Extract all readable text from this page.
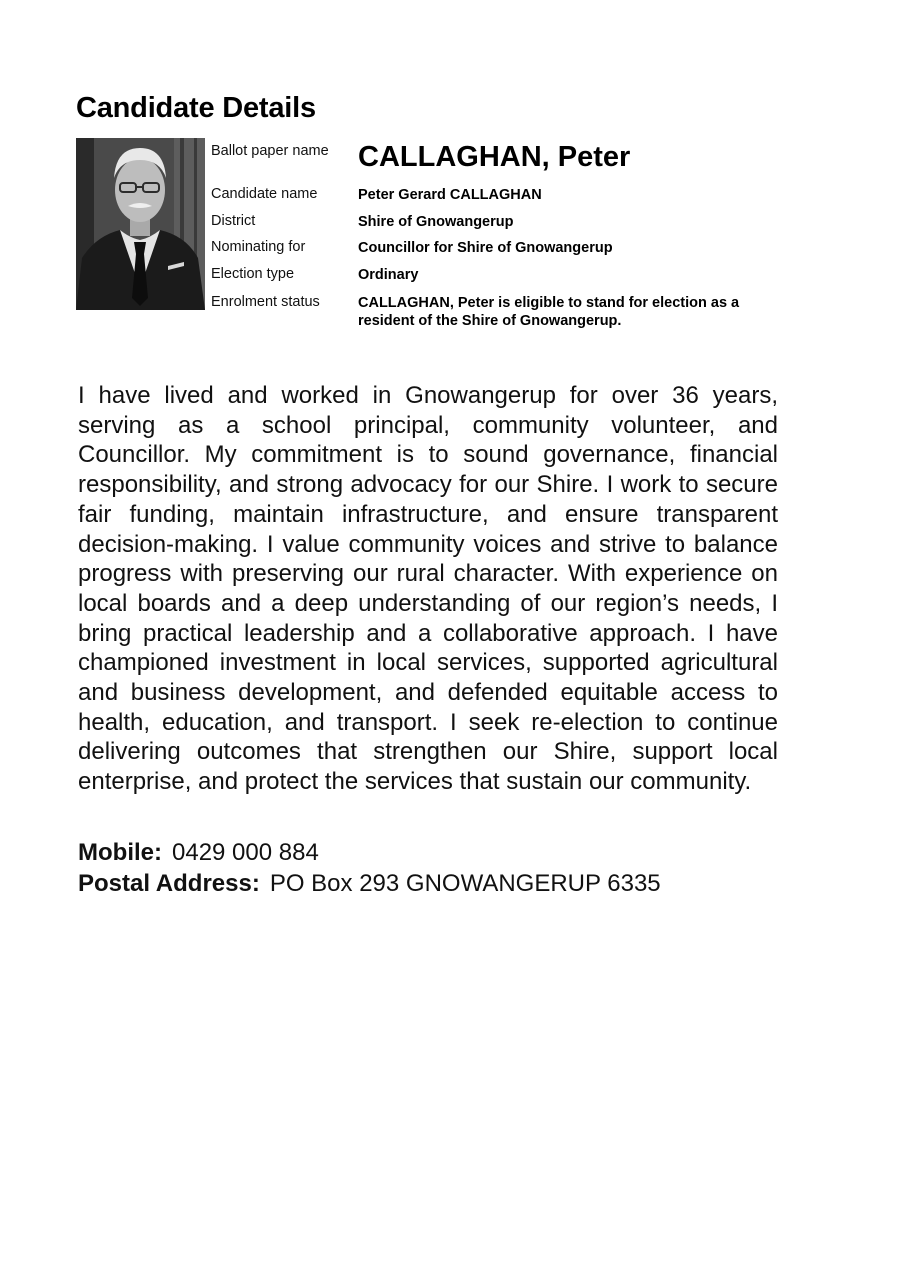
Candidate Details
Ballot paper name	CALLAGHAN, Peter
Candidate name	Peter Gerard CALLAGHAN
District	Shire of Gnowangerup
Nominating for	Councillor for Shire of Gnowangerup
Election type	Ordinary
Enrolment status	CALLAGHAN, Peter is eligible to stand for election as a resident of the Shire of Gnowangerup.

I have lived and worked in Gnowangerup for over 36 years, serving as a school principal, community volunteer, and Councillor. My commitment is to sound governance, financial responsibility, and strong advocacy for our Shire. I work to secure fair funding, maintain infrastructure, and ensure transparent decision-making. I value community voices and strive to balance progress with preserving our rural character. With experience on local boards and a deep understanding of our region’s needs, I bring practical leadership and a collaborative approach. I have championed investment in local services, supported agricultural and business development, and defended equitable access to health, education, and transport. I seek re-election to continue delivering outcomes that strengthen our Shire, support local enterprise, and protect the services that sustain our community.

Mobile: 0429 000 884
Postal Address: PO Box 293 GNOWANGERUP 6335
